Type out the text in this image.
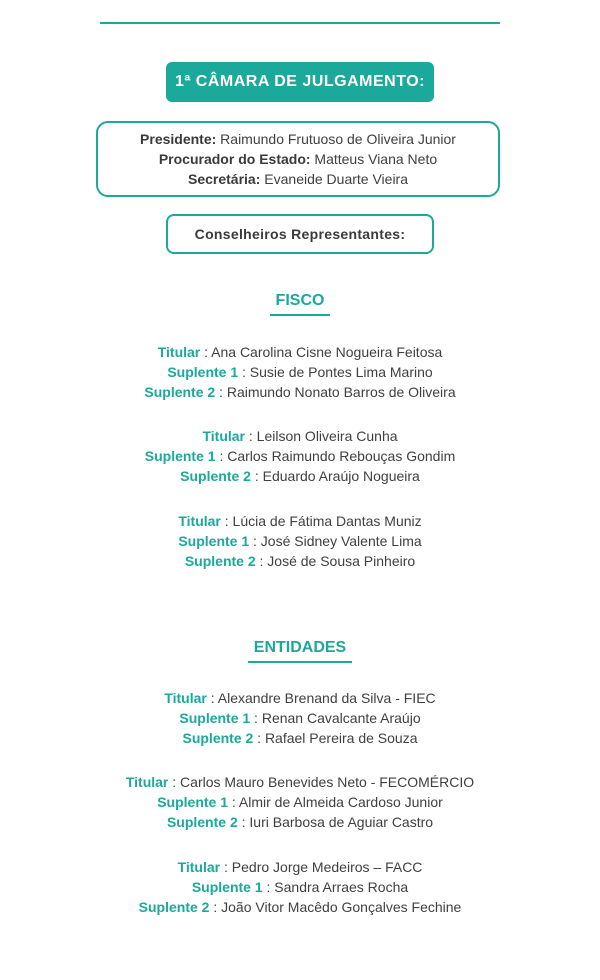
1ª CÂMARA DE JULGAMENTO:
Presidente: Raimundo Frutuoso de Oliveira Junior
Procurador do Estado: Matteus Viana Neto
Secretária: Evaneide Duarte Vieira
Conselheiros Representantes:
FISCO
Titular : Ana Carolina Cisne Nogueira Feitosa
Suplente 1 : Susie de Pontes Lima Marino
Suplente 2 : Raimundo Nonato Barros de Oliveira
Titular : Leilson Oliveira Cunha
Suplente 1 : Carlos Raimundo Rebouças Gondim
Suplente 2 : Eduardo Araújo Nogueira
Titular : Lúcia de Fátima Dantas Muniz
Suplente 1 : José Sidney Valente Lima
Suplente 2 : José de Sousa Pinheiro
ENTIDADES
Titular : Alexandre Brenand da Silva - FIEC
Suplente 1 : Renan Cavalcante Araújo
Suplente 2 : Rafael Pereira de Souza
Titular : Carlos Mauro Benevides Neto - FECOMÉRCIO
Suplente 1 : Almir de Almeida Cardoso Junior
Suplente 2 : Iuri Barbosa de Aguiar Castro
Titular : Pedro Jorge Medeiros – FACC
Suplente 1 : Sandra Arraes Rocha
Suplente 2 : João Vitor Macêdo Gonçalves Fechine
